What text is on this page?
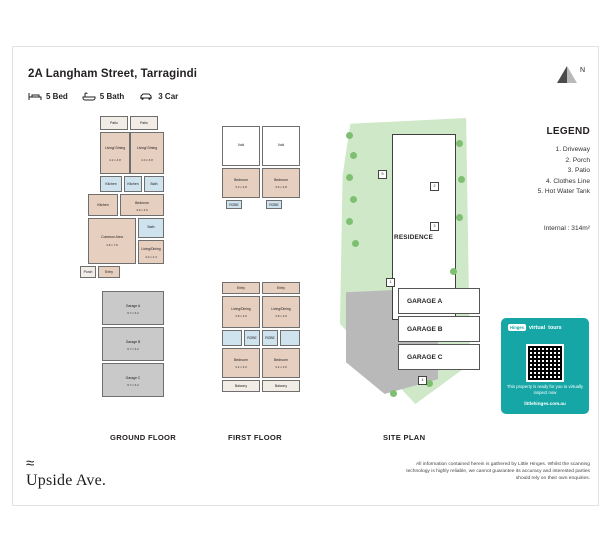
2A Langham Street, Tarragindi
5 Bed	5 Bath	3 Car
N
LEGEND
1. Driveway
2. Porch
3. Patio
4. Clothes Line
5. Hot Water Tank
Internal : 314m²
Hinges virtual tours
This property is ready for you to virtually inspect now
littlehinges.com.au
Patio	Patio
Living/ Dining
4.2 x 4.8
Living/ Dining
4.0 x 6.8
Kitchen	Kitchen	Bath
Kitchen	Bedroom
3.9 x 3.0
Common Area
4.8 x 7.8
Bath
Living/Dining
4.0 x 4.3
Porch	Entry
Garage A
6.7 x 3.2
Garage B
6.7 x 3.2
Garage C
6.7 x 3.2
GROUND FLOOR
Void	Void
Bedroom
3.3 x 3.8
Bedroom
3.6 x 3.8
ROBE	ROBE
Entry	Entry
Living/Dining
3.8 x 3.6
Living/Dining
3.8 x 3.9
ROBE	ROBE
Bedroom
3.2 x 3.0
Bedroom
3.2 x 3.5
Balcony	Balcony
FIRST FLOOR
1
2
3
4
5
RESIDENCE
GARAGE A
GARAGE B
GARAGE C
SITE PLAN
≈
Upside Ave.
All information contained herein is gathered by Little Hinges. Whilst the scanning technology is highly reliable, we cannot guarantee its accuracy and interested parties should rely on their own enquiries.
